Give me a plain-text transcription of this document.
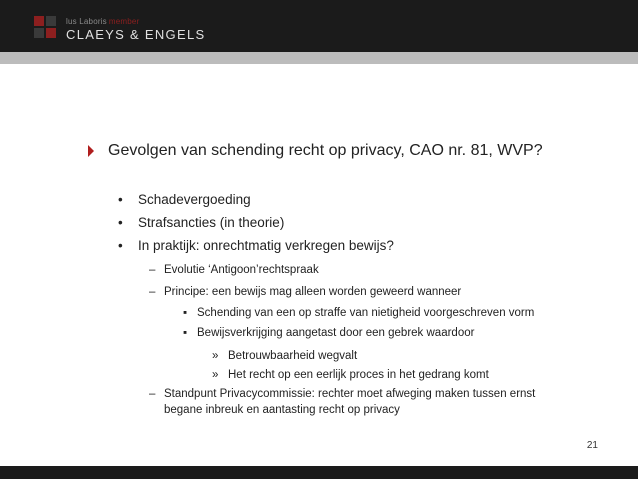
lus Laboris member
CLAEYS & ENGELS
Gevolgen van schending recht op privacy, CAO nr. 81, WVP?
• Schadevergoeding
• Strafsancties (in theorie)
• In praktijk: onrechtmatig verkregen bewijs?
– Evolutie ‘Antigoon’rechtspraak
– Principe: een bewijs mag alleen worden geweerd wanneer
▪ Schending van een op straffe van nietigheid voorgeschreven vorm
▪ Bewijsverkrijging aangetast door een gebrek waardoor
» Betrouwbaarheid wegvalt
» Het recht op een eerlijk proces in het gedrang komt
– Standpunt Privacycommissie: rechter moet afweging maken tussen ernst
begane inbreuk en aantasting recht op privacy
21
